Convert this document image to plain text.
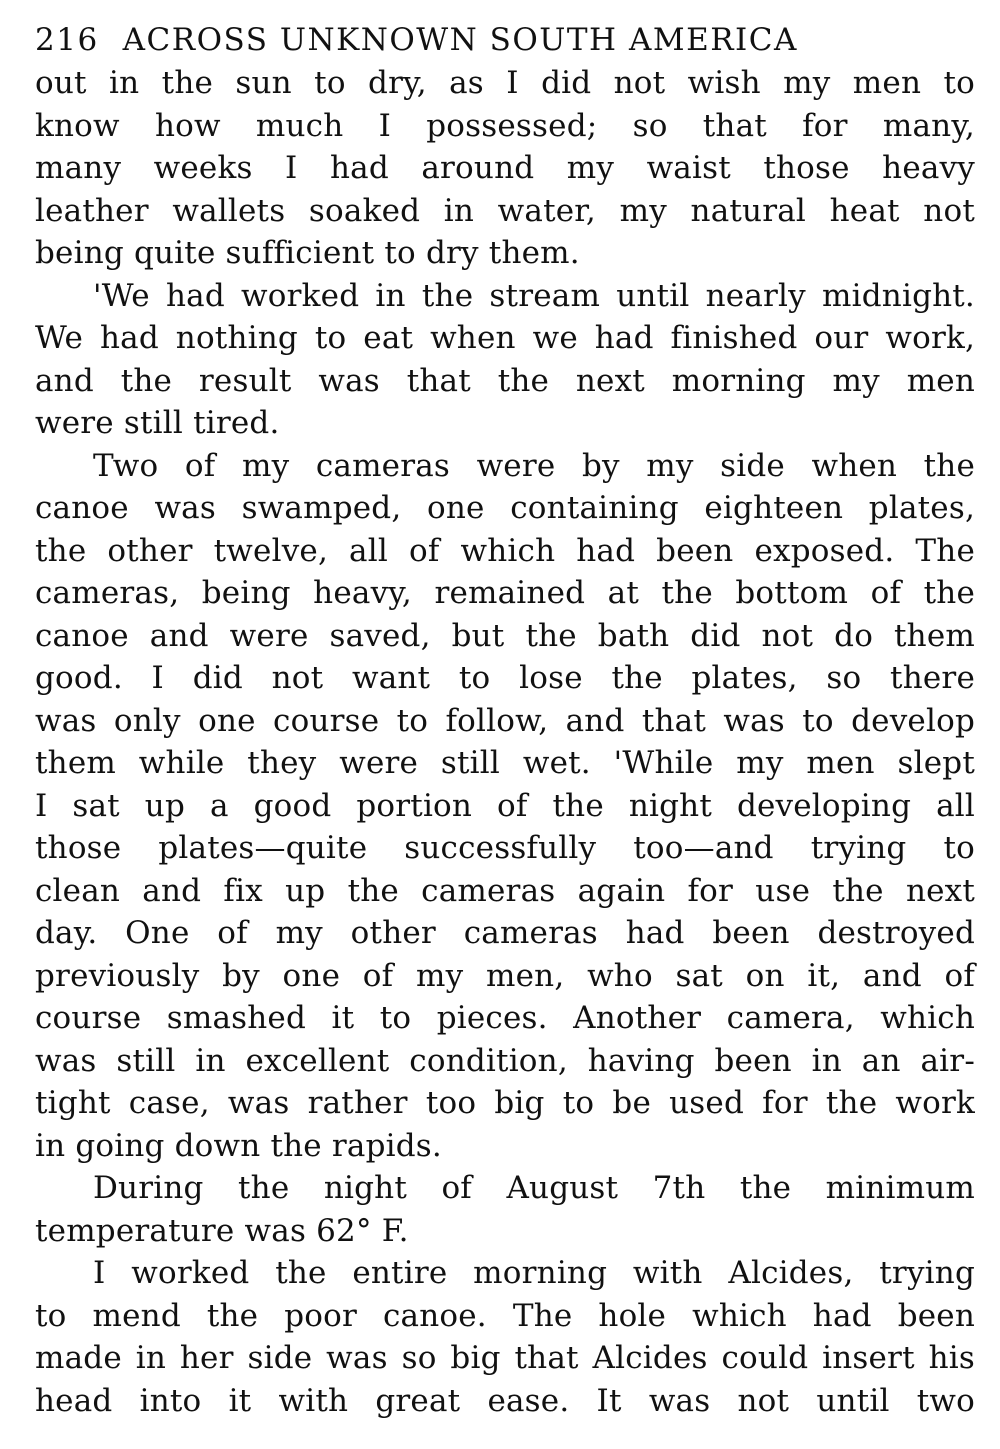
216 ACROSS UNKNOWN SOUTH AMERICA

out in the sun to dry, as I did not wish my men to
know how much I possessed; so that for many,
many weeks I had around my waist those heavy
leather wallets soaked in water, my natural heat not
being quite sufficient to dry them.

'We had worked in the stream until nearly midnight.
We had nothing to eat when we had finished our work,
and the result was that the next morning my men
were still tired.

Two of my cameras were by my side when the
canoe was swamped, one containing eighteen plates,
the other twelve, all of which had been exposed. The
cameras, being heavy, remained at the bottom of the
canoe and were saved, but the bath did not do them
good. I did not want to lose the plates, so there
was only one course to follow, and that was to develop
them while they were still wet. 'While my men slept
I sat up a good portion of the night developing all
those plates—quite successfully too—and trying to
clean and fix up the cameras again for use the next
day. One of my other cameras had been destroyed
previously by one of my men, who sat on it, and of
course smashed it to pieces. Another camera, which
was still in excellent condition, having been in an air-
tight case, was rather too big to be used for the work
in going down the rapids.

During the night of August 7th the minimum
temperature was 62° F.

I worked the entire morning with Alcides, trying
to mend the poor canoe. The hole which had been
made in her side was so big that Alcides could insert his
head into it with great ease. It was not until two
